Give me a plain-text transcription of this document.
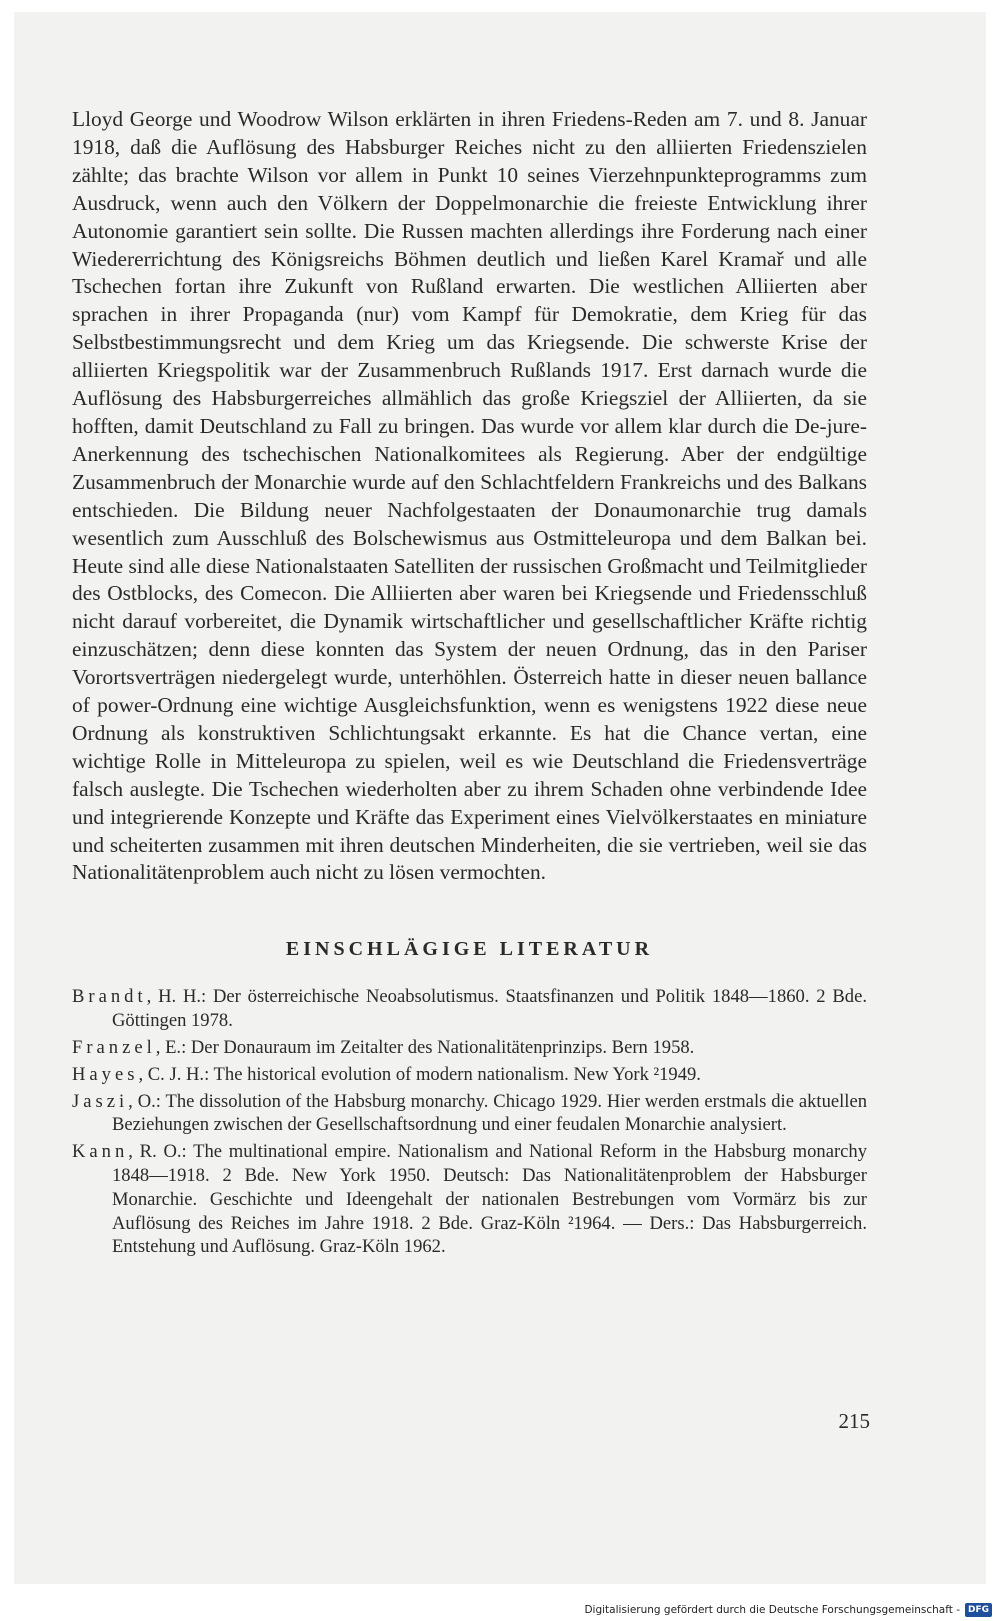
Lloyd George und Woodrow Wilson erklärten in ihren Friedens-Reden am 7. und 8. Januar 1918, daß die Auflösung des Habsburger Reiches nicht zu den alliierten Friedenszielen zählte; das brachte Wilson vor allem in Punkt 10 seines Vierzehnpunkteprogramms zum Ausdruck, wenn auch den Völkern der Doppelmonarchie die freieste Entwicklung ihrer Autonomie garantiert sein sollte. Die Russen machten allerdings ihre Forderung nach einer Wiedererrichtung des Königsreichs Böhmen deutlich und ließen Karel Kramař und alle Tschechen fortan ihre Zukunft von Rußland erwarten. Die westlichen Alliierten aber sprachen in ihrer Propaganda (nur) vom Kampf für Demokratie, dem Krieg für das Selbstbestimmungsrecht und dem Krieg um das Kriegsende. Die schwerste Krise der alliierten Kriegspolitik war der Zusammenbruch Rußlands 1917. Erst darnach wurde die Auflösung des Habsburgerreiches allmählich das große Kriegsziel der Alliierten, da sie hofften, damit Deutschland zu Fall zu bringen. Das wurde vor allem klar durch die De-jure-Anerkennung des tschechischen Nationalkomitees als Regierung. Aber der endgültige Zusammenbruch der Monarchie wurde auf den Schlachtfeldern Frankreichs und des Balkans entschieden. Die Bildung neuer Nachfolgestaaten der Donaumonarchie trug damals wesentlich zum Ausschluß des Bolschewismus aus Ostmitteleuropa und dem Balkan bei. Heute sind alle diese Nationalstaaten Satelliten der russischen Großmacht und Teilmitglieder des Ostblocks, des Comecon. Die Alliierten aber waren bei Kriegsende und Friedensschluß nicht darauf vorbereitet, die Dynamik wirtschaftlicher und gesellschaftlicher Kräfte richtig einzuschätzen; denn diese konnten das System der neuen Ordnung, das in den Pariser Vorortsverträgen niedergelegt wurde, unterhöhlen. Österreich hatte in dieser neuen ballance of power-Ordnung eine wichtige Ausgleichsfunktion, wenn es wenigstens 1922 diese neue Ordnung als konstruktiven Schlichtungsakt erkannte. Es hat die Chance vertan, eine wichtige Rolle in Mitteleuropa zu spielen, weil es wie Deutschland die Friedensverträge falsch auslegte. Die Tschechen wiederholten aber zu ihrem Schaden ohne verbindende Idee und integrierende Konzepte und Kräfte das Experiment eines Vielvölkerstaates en miniature und scheiterten zusammen mit ihren deutschen Minderheiten, die sie vertrieben, weil sie das Nationalitätenproblem auch nicht zu lösen vermochten.

EINSCHLÄGIGE LITERATUR
Brandt, H. H.: Der österreichische Neoabsolutismus. Staatsfinanzen und Politik 1848—1860. 2 Bde. Göttingen 1978.
Franzel, E.: Der Donauraum im Zeitalter des Nationalitätenprinzips. Bern 1958.
Hayes, C. J. H.: The historical evolution of modern nationalism. New York ²1949.
Jaszi, O.: The dissolution of the Habsburg monarchy. Chicago 1929. Hier werden erstmals die aktuellen Beziehungen zwischen der Gesellschaftsordnung und einer feudalen Monarchie analysiert.
Kann, R. O.: The multinational empire. Nationalism and National Reform in the Habsburg monarchy 1848—1918. 2 Bde. New York 1950. Deutsch: Das Nationalitätenproblem der Habsburger Monarchie. Geschichte und Ideengehalt der nationalen Bestrebungen vom Vormärz bis zur Auflösung des Reiches im Jahre 1918. 2 Bde. Graz-Köln ²1964. — Ders.: Das Habsburgerreich. Entstehung und Auflösung. Graz-Köln 1962.

215

Digitalisierung gefördert durch die Deutsche Forschungsgemeinschaft - DFG
